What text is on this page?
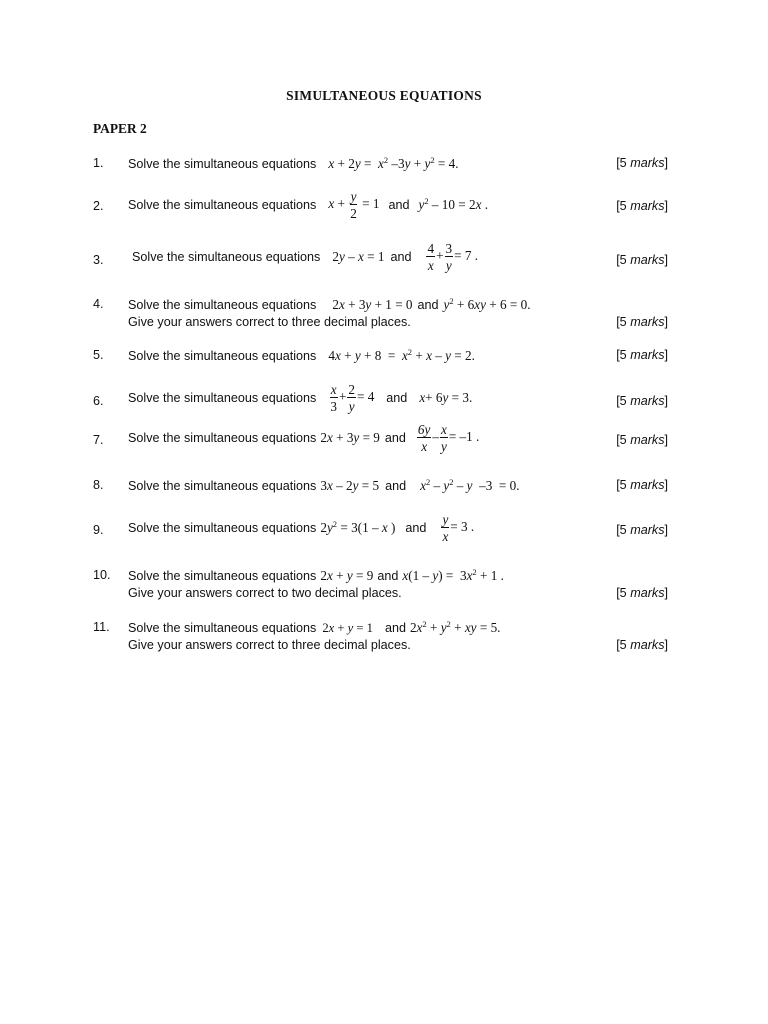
SIMULTANEOUS EQUATIONS
PAPER 2
1. Solve the simultaneous equations $x + 2y = x^2$ $-3y + y^2 = 4$.	[5 marks]
2. Solve the simultaneous equations $x + \frac{y}{2} = 1$ and $y^2 - 10 = 2x$ .	[5 marks]
3. Solve the simultaneous equations 2y – x = 1 and $\frac{4}{x} + \frac{3}{y} = 7$ .	[5 marks]
4. Solve the simultaneous equations 2x + 3y + 1 = 0 and $y^2 + 6xy + 6 = 0$.
Give your answers correct to three decimal places.	[5 marks]
5. Solve the simultaneous equations $4x + y + 8 = x^2 + x - y = 2$.	[5 marks]
6. Solve the simultaneous equations $\frac{x}{3} + \frac{2}{y} = 4$ and x+ 6y = 3.	[5 marks]
7. Solve the simultaneous equations 2x + 3y = 9 and $\frac{6y}{x} - \frac{x}{y} = -1$ .	[5 marks]
8. Solve the simultaneous equations 3x – 2y = 5 and $x^2 - y^2$ – y  –3  = 0.	[5 marks]
9. Solve the simultaneous equations $2y^2 = 3(1 - x$ ) and $\frac{y}{x} = 3$ .	[5 marks]
10. Solve the simultaneous equations 2x + y = 9 and $x(1 - y) = 3x^2 + 1$ .
Give your answers correct to two decimal places.	[5 marks]
11. Solve the simultaneous equations 2x + y = 1 and $2x^2 + y^2$ + xy = 5.
Give your answers correct to three decimal places.	[5 marks]
